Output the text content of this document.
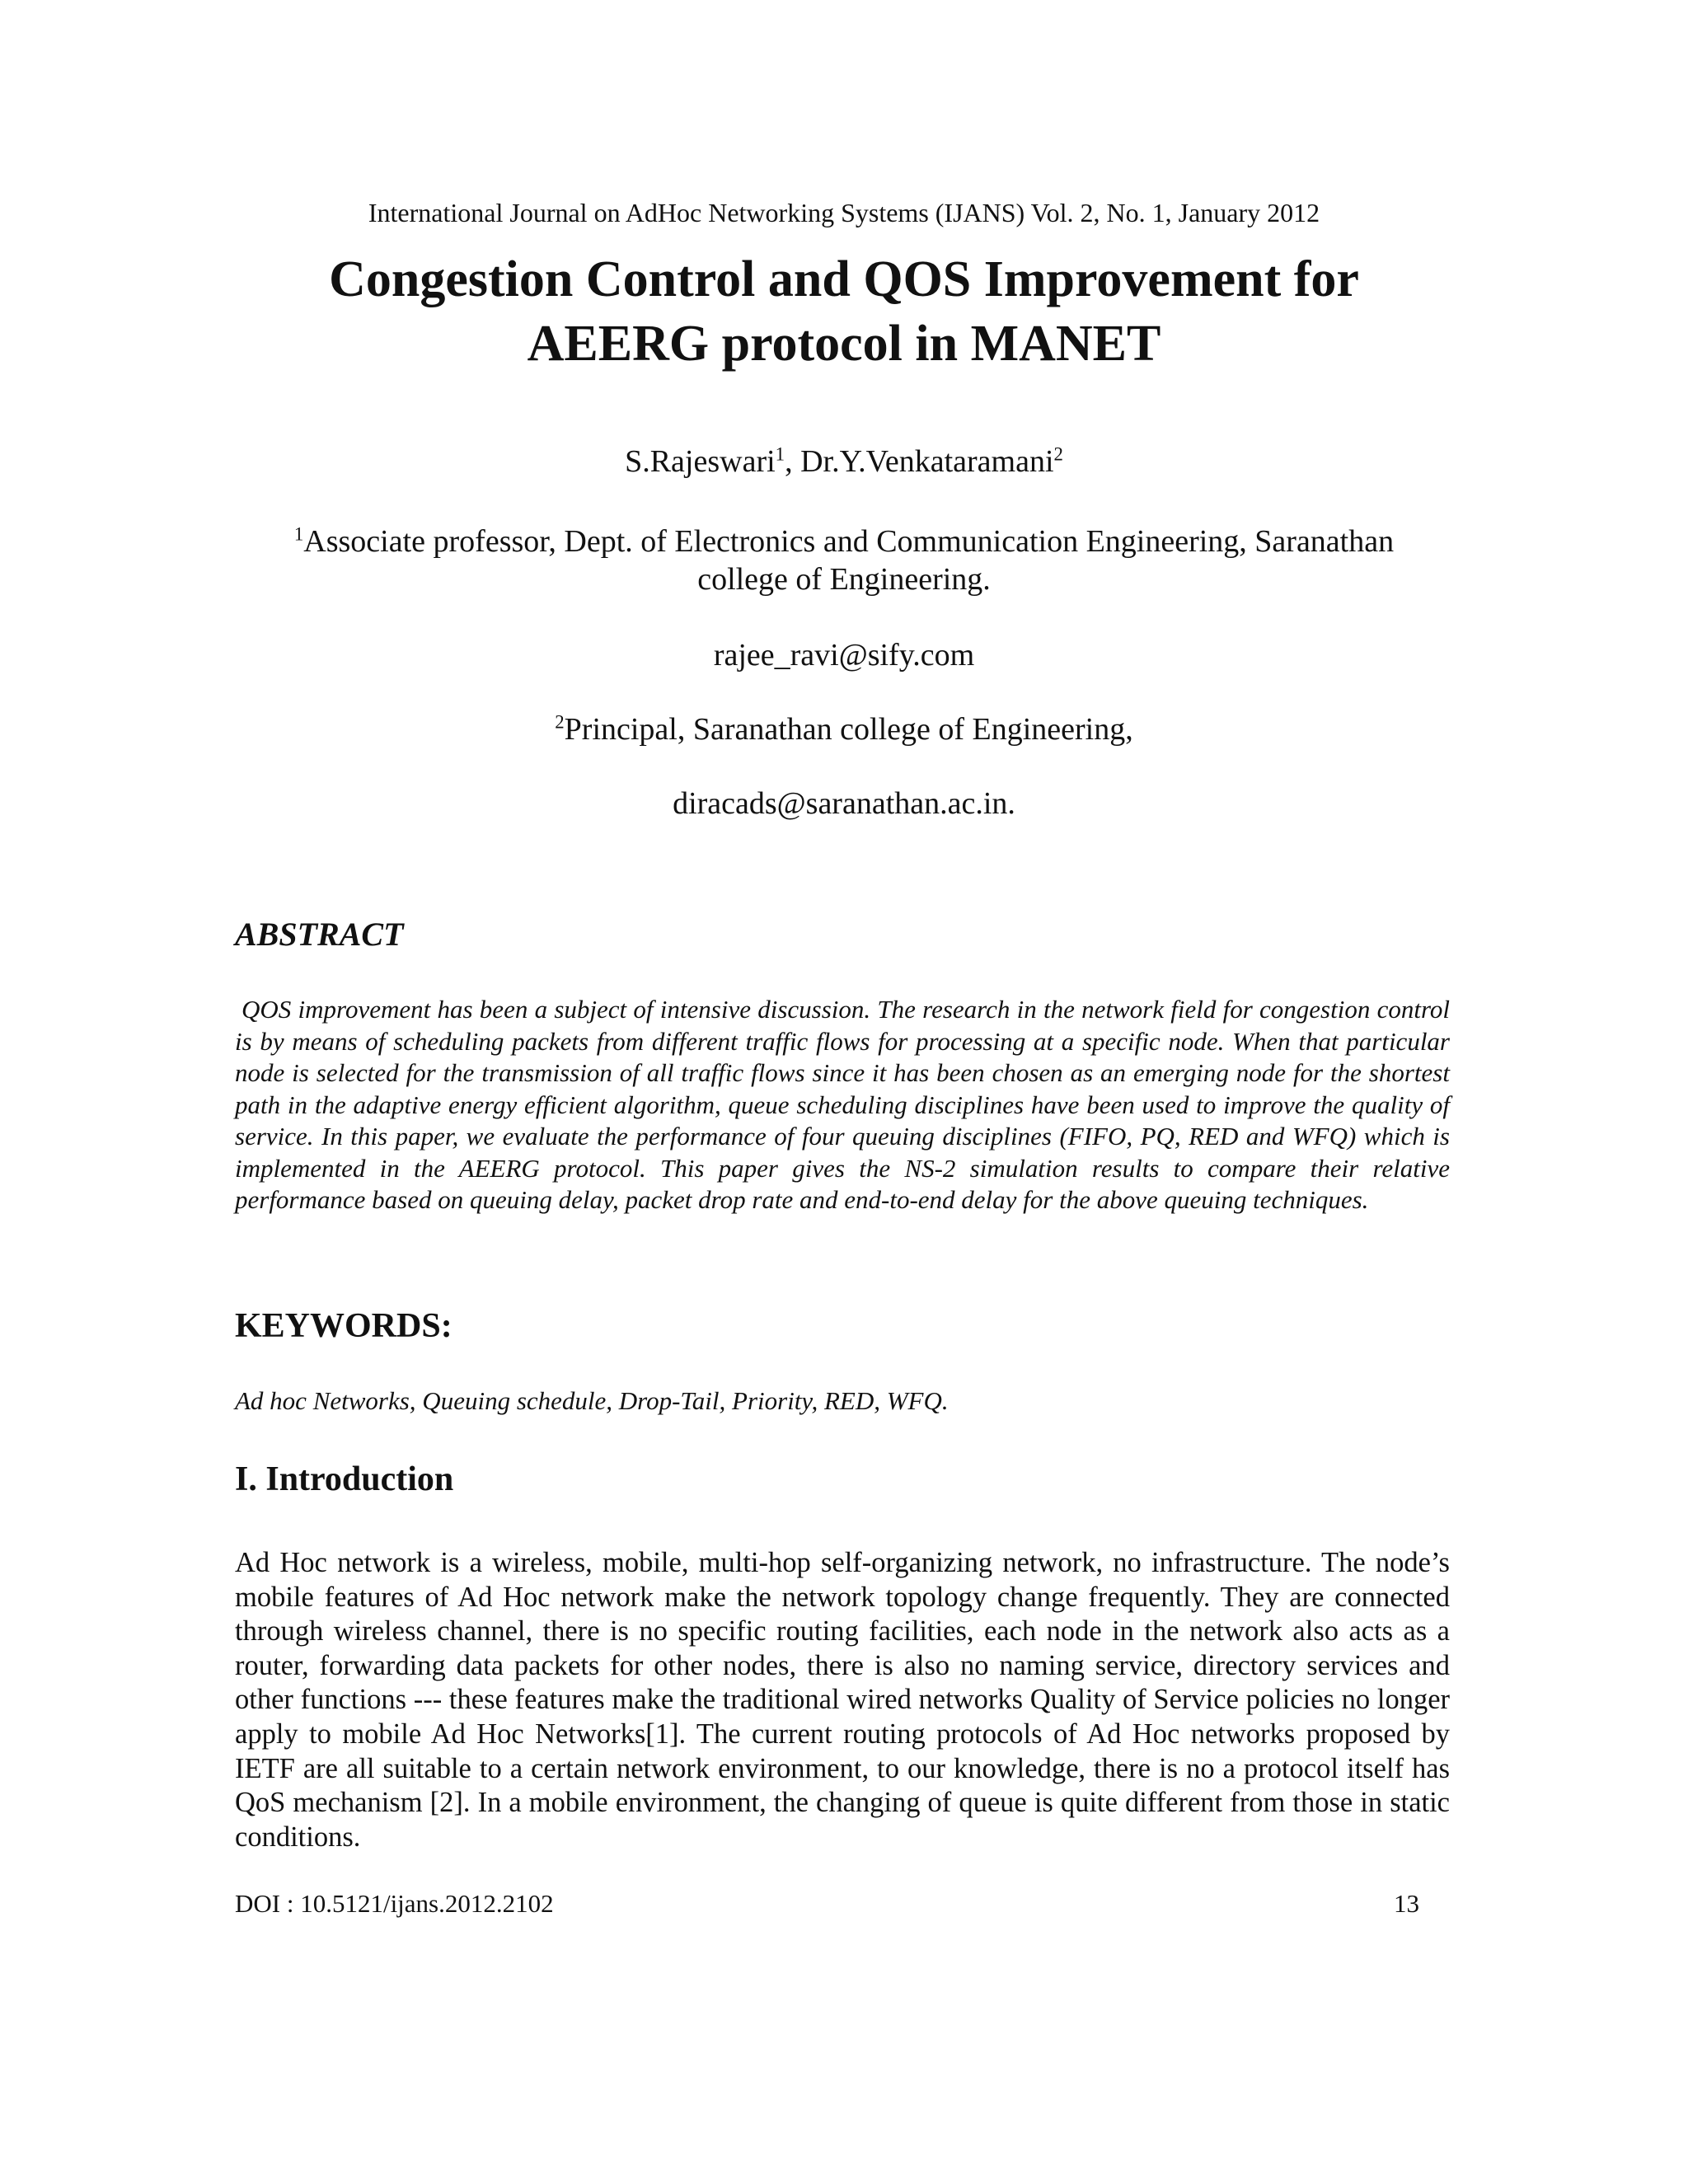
International Journal on AdHoc Networking Systems (IJANS) Vol. 2, No. 1, January 2012
Congestion Control and QOS Improvement for
AEERG protocol in MANET
S.Rajeswari$^1$, Dr.Y.Venkataramani$^2$
$^1$Associate professor, Dept. of Electronics and Communication Engineering, Saranathan
college of Engineering.
rajee_ravi@sify.com
$^2$Principal, Saranathan college of Engineering,
diracads@saranathan.ac.in.
ABSTRACT
QOS improvement has been a subject of intensive discussion. The research in the network field for congestion control is by means of scheduling packets from different traffic flows for processing at a specific node. When that particular node is selected for the transmission of all traffic flows since it has been chosen as an emerging node for the shortest path in the adaptive energy efficient algorithm, queue scheduling disciplines have been used to improve the quality of service. In this paper, we evaluate the performance of four queuing disciplines (FIFO, PQ, RED and WFQ) which is implemented in the AEERG protocol. This paper gives the NS-2 simulation results to compare their relative performance based on queuing delay, packet drop rate and end-to-end delay for the above queuing techniques.
KEYWORDS:
Ad hoc Networks, Queuing schedule, Drop-Tail, Priority, RED, WFQ.
I. Introduction
Ad Hoc network is a wireless, mobile, multi-hop self-organizing network, no infrastructure. The node’s mobile features of Ad Hoc network make the network topology change frequently. They are connected through wireless channel, there is no specific routing facilities, each node in the network also acts as a router, forwarding data packets for other nodes, there is also no naming service, directory services and other functions --- these features make the traditional wired networks Quality of Service policies no longer apply to mobile Ad Hoc Networks[1]. The current routing protocols of Ad Hoc networks proposed by IETF are all suitable to a certain network environment, to our knowledge, there is no a protocol itself has QoS mechanism [2]. In a mobile environment, the changing of queue is quite different from those in static conditions.
DOI : 10.5121/ijans.2012.2102	13
